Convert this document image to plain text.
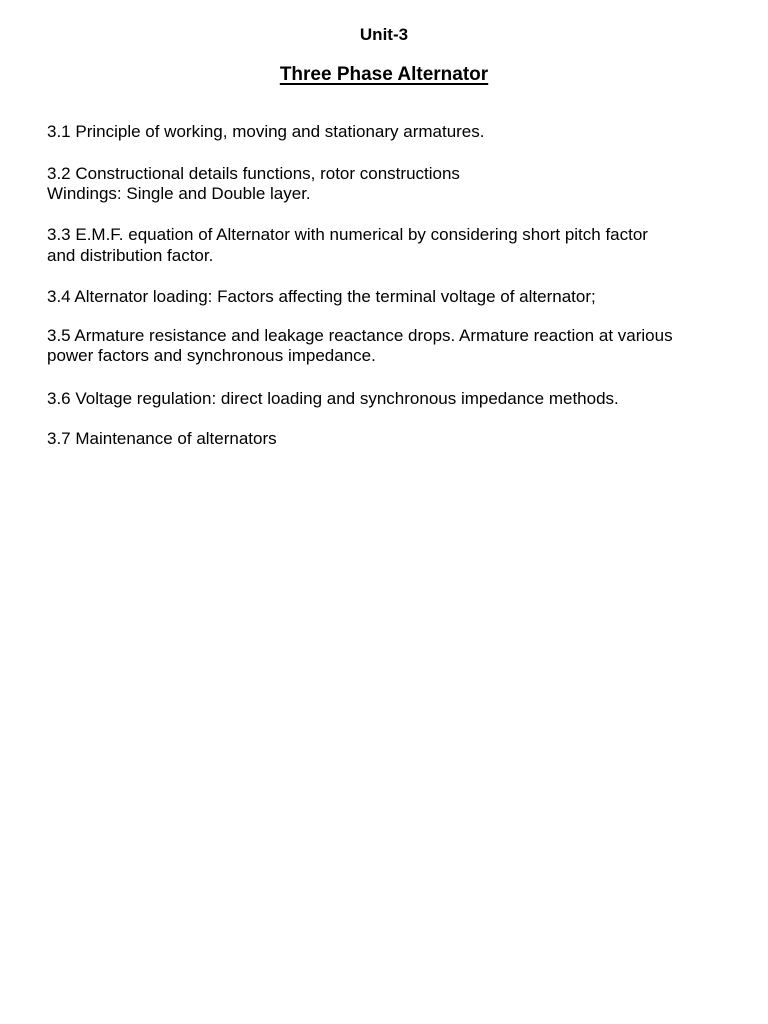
Unit-3
Three Phase Alternator
3.1 Principle of working, moving and stationary armatures.
3.2 Constructional details functions, rotor constructions
Windings: Single and Double layer.
3.3 E.M.F. equation of Alternator with numerical by considering short pitch factor
and distribution factor.
3.4 Alternator loading: Factors affecting the terminal voltage of alternator;
3.5 Armature resistance and leakage reactance drops. Armature reaction at various
power factors and synchronous impedance.
3.6 Voltage regulation: direct loading and synchronous impedance methods.
3.7 Maintenance of alternators
